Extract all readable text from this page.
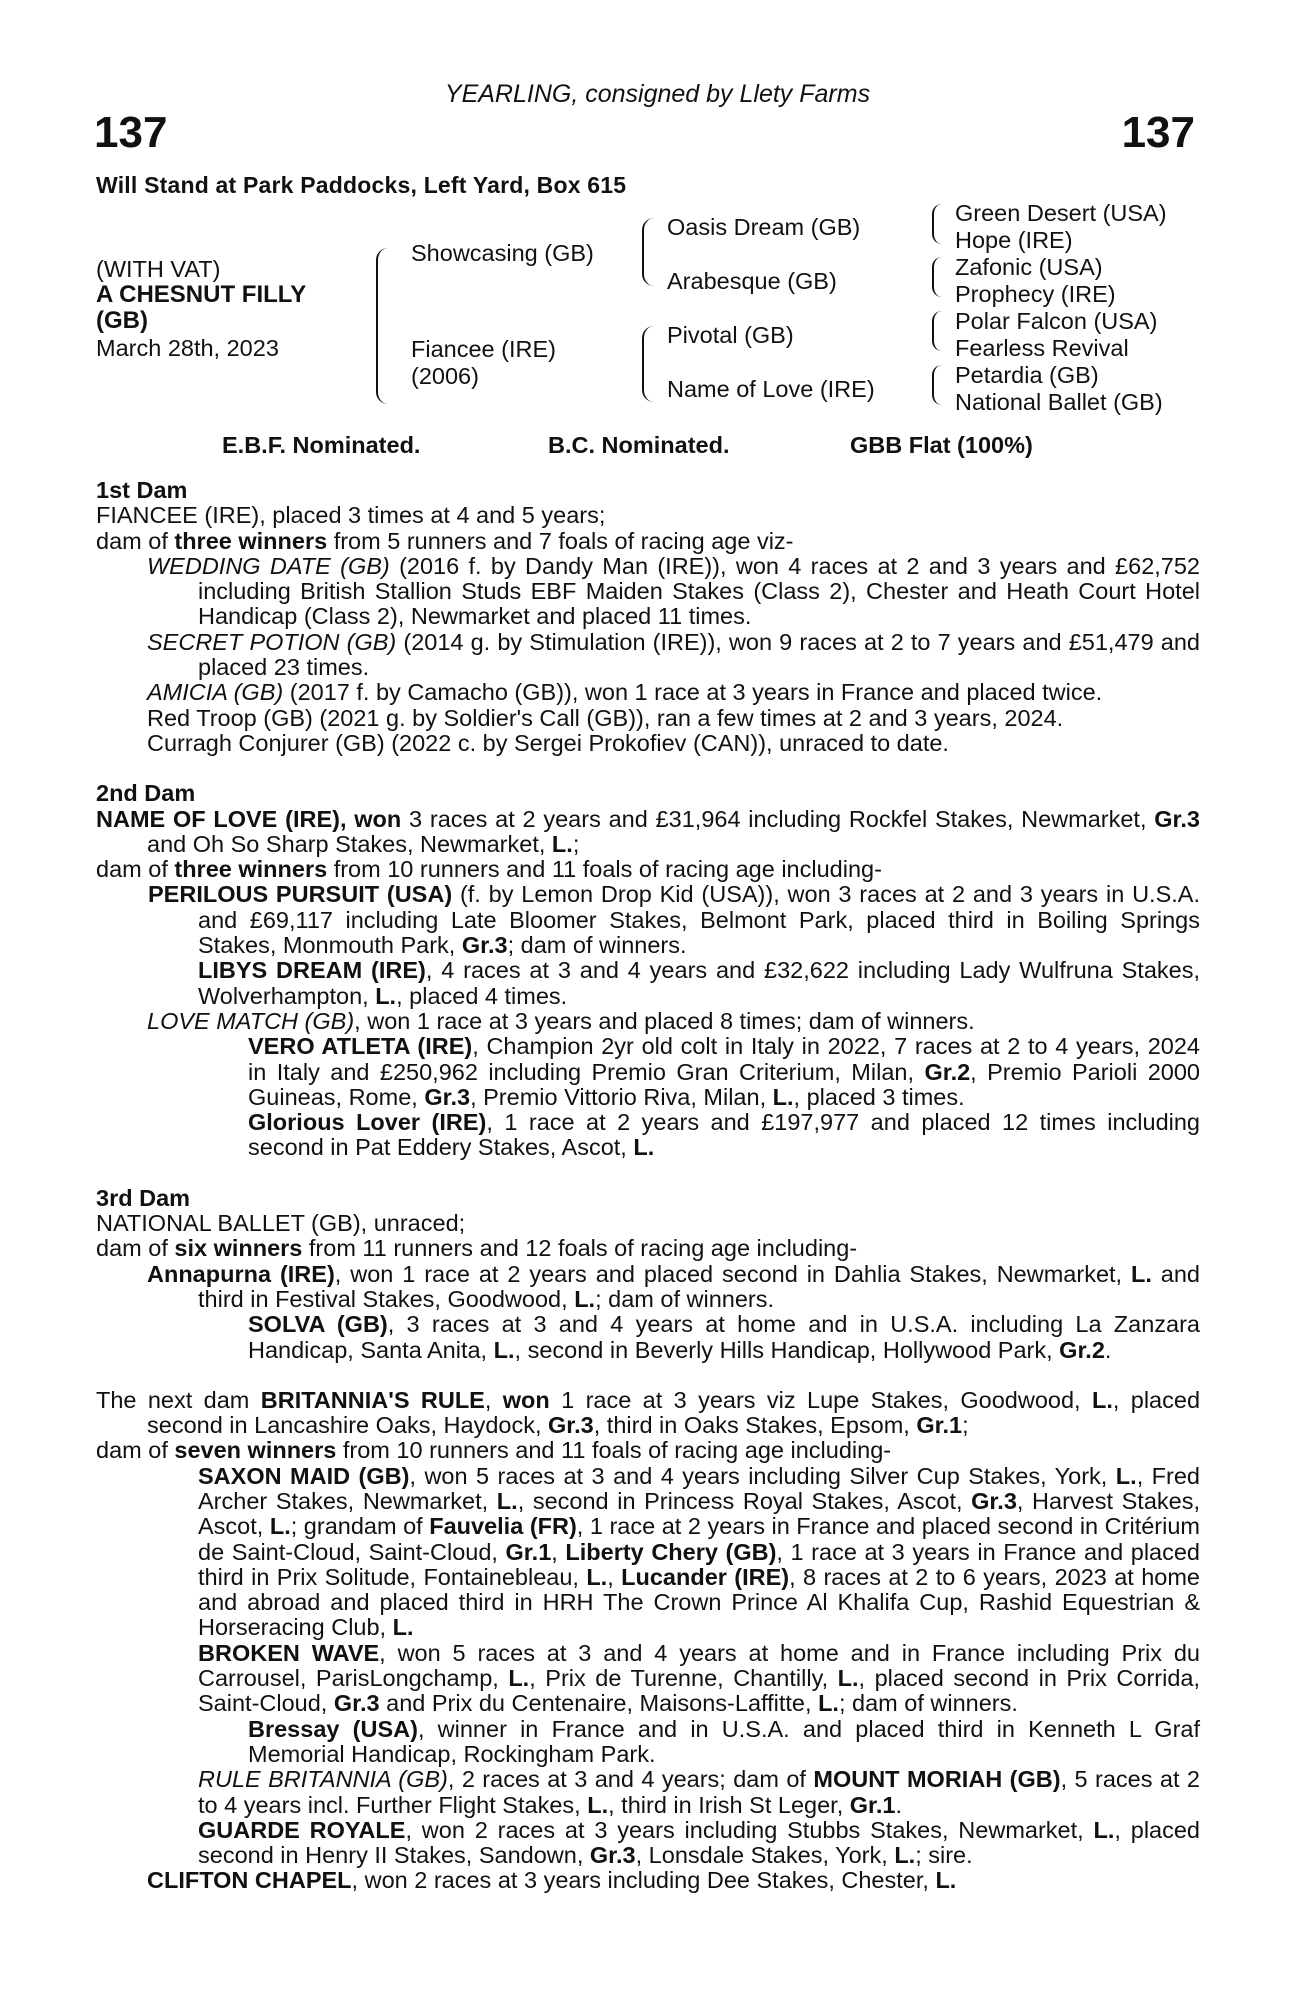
YEARLING, consigned by Llety Farms
137	137
Will Stand at Park Paddocks, Left Yard, Box 615
(WITH VAT)
A CHESNUT FILLY
(GB)
March 28th, 2023
Showcasing (GB)
Fiancee (IRE)
(2006)
Oasis Dream (GB)
Arabesque (GB)
Pivotal (GB)
Name of Love (IRE)
Green Desert (USA)
Hope (IRE)
Zafonic (USA)
Prophecy (IRE)
Polar Falcon (USA)
Fearless Revival
Petardia (GB)
National Ballet (GB)
E.B.F. Nominated.	B.C. Nominated.	GBB Flat (100%)
1st Dam
FIANCEE (IRE), placed 3 times at 4 and 5 years;
dam of three winners from 5 runners and 7 foals of racing age viz-
WEDDING DATE (GB) (2016 f. by Dandy Man (IRE)), won 4 races at 2 and 3 years and £62,752 including British Stallion Studs EBF Maiden Stakes (Class 2), Chester and Heath Court Hotel Handicap (Class 2), Newmarket and placed 11 times.
SECRET POTION (GB) (2014 g. by Stimulation (IRE)), won 9 races at 2 to 7 years and £51,479 and placed 23 times.
AMICIA (GB) (2017 f. by Camacho (GB)), won 1 race at 3 years in France and placed twice.
Red Troop (GB) (2021 g. by Soldier's Call (GB)), ran a few times at 2 and 3 years, 2024.
Curragh Conjurer (GB) (2022 c. by Sergei Prokofiev (CAN)), unraced to date.
2nd Dam
NAME OF LOVE (IRE), won 3 races at 2 years and £31,964 including Rockfel Stakes, Newmarket, Gr.3 and Oh So Sharp Stakes, Newmarket, L.;
dam of three winners from 10 runners and 11 foals of racing age including-
PERILOUS PURSUIT (USA) (f. by Lemon Drop Kid (USA)), won 3 races at 2 and 3 years in U.S.A. and £69,117 including Late Bloomer Stakes, Belmont Park, placed third in Boiling Springs Stakes, Monmouth Park, Gr.3; dam of winners.
LIBYS DREAM (IRE), 4 races at 3 and 4 years and £32,622 including Lady Wulfruna Stakes, Wolverhampton, L., placed 4 times.
LOVE MATCH (GB), won 1 race at 3 years and placed 8 times; dam of winners.
VERO ATLETA (IRE), Champion 2yr old colt in Italy in 2022, 7 races at 2 to 4 years, 2024 in Italy and £250,962 including Premio Gran Criterium, Milan, Gr.2, Premio Parioli 2000 Guineas, Rome, Gr.3, Premio Vittorio Riva, Milan, L., placed 3 times.
Glorious Lover (IRE), 1 race at 2 years and £197,977 and placed 12 times including second in Pat Eddery Stakes, Ascot, L.
3rd Dam
NATIONAL BALLET (GB), unraced;
dam of six winners from 11 runners and 12 foals of racing age including-
Annapurna (IRE), won 1 race at 2 years and placed second in Dahlia Stakes, Newmarket, L. and third in Festival Stakes, Goodwood, L.; dam of winners.
SOLVA (GB), 3 races at 3 and 4 years at home and in U.S.A. including La Zanzara Handicap, Santa Anita, L., second in Beverly Hills Handicap, Hollywood Park, Gr.2.
The next dam BRITANNIA'S RULE, won 1 race at 3 years viz Lupe Stakes, Goodwood, L., placed second in Lancashire Oaks, Haydock, Gr.3, third in Oaks Stakes, Epsom, Gr.1;
dam of seven winners from 10 runners and 11 foals of racing age including-
SAXON MAID (GB), won 5 races at 3 and 4 years including Silver Cup Stakes, York, L., Fred Archer Stakes, Newmarket, L., second in Princess Royal Stakes, Ascot, Gr.3, Harvest Stakes, Ascot, L.; grandam of Fauvelia (FR), 1 race at 2 years in France and placed second in Critérium de Saint-Cloud, Saint-Cloud, Gr.1, Liberty Chery (GB), 1 race at 3 years in France and placed third in Prix Solitude, Fontainebleau, L., Lucander (IRE), 8 races at 2 to 6 years, 2023 at home and abroad and placed third in HRH The Crown Prince Al Khalifa Cup, Rashid Equestrian & Horseracing Club, L.
BROKEN WAVE, won 5 races at 3 and 4 years at home and in France including Prix du Carrousel, ParisLongchamp, L., Prix de Turenne, Chantilly, L., placed second in Prix Corrida, Saint-Cloud, Gr.3 and Prix du Centenaire, Maisons-Laffitte, L.; dam of winners.
Bressay (USA), winner in France and in U.S.A. and placed third in Kenneth L Graf Memorial Handicap, Rockingham Park.
RULE BRITANNIA (GB), 2 races at 3 and 4 years; dam of MOUNT MORIAH (GB), 5 races at 2 to 4 years incl. Further Flight Stakes, L., third in Irish St Leger, Gr.1.
GUARDE ROYALE, won 2 races at 3 years including Stubbs Stakes, Newmarket, L., placed second in Henry II Stakes, Sandown, Gr.3, Lonsdale Stakes, York, L.; sire.
CLIFTON CHAPEL, won 2 races at 3 years including Dee Stakes, Chester, L.
